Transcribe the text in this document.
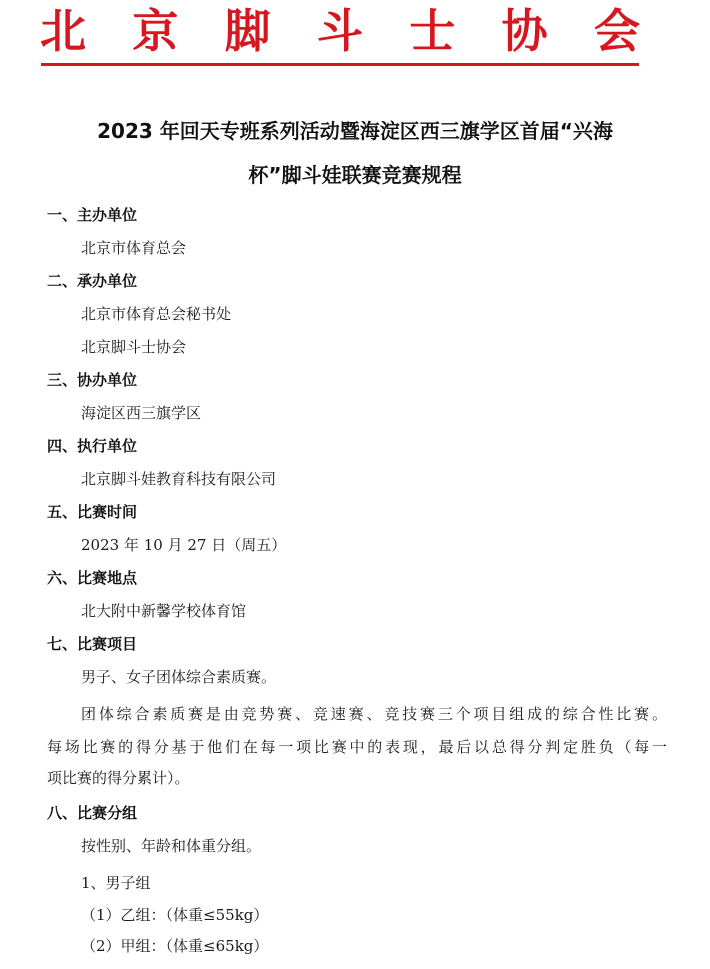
北 京 脚 斗 士 协 会
2023 年回天专班系列活动暨海淀区西三旗学区首届“兴海
杯”脚斗娃联赛竞赛规程
一、主办单位
北京市体育总会
二、承办单位
北京市体育总会秘书处
北京脚斗士协会
三、协办单位
海淀区西三旗学区
四、执行单位
北京脚斗娃教育科技有限公司
五、比赛时间
2023 年 10 月 27 日（周五）
六、比赛地点
北大附中新馨学校体育馆
七、比赛项目
男子、女子团体综合素质赛。
团体综合素质赛是由竞势赛、竞速赛、竞技赛三个项目组成的综合性比赛。
每场比赛的得分基于他们在每一项比赛中的表现，最后以总得分判定胜负（每一
项比赛的得分累计）。
八、比赛分组
按性别、年龄和体重分组。
1、男子组
（1）乙组：（体重≤55kg）
（2）甲组：（体重≤65kg）
